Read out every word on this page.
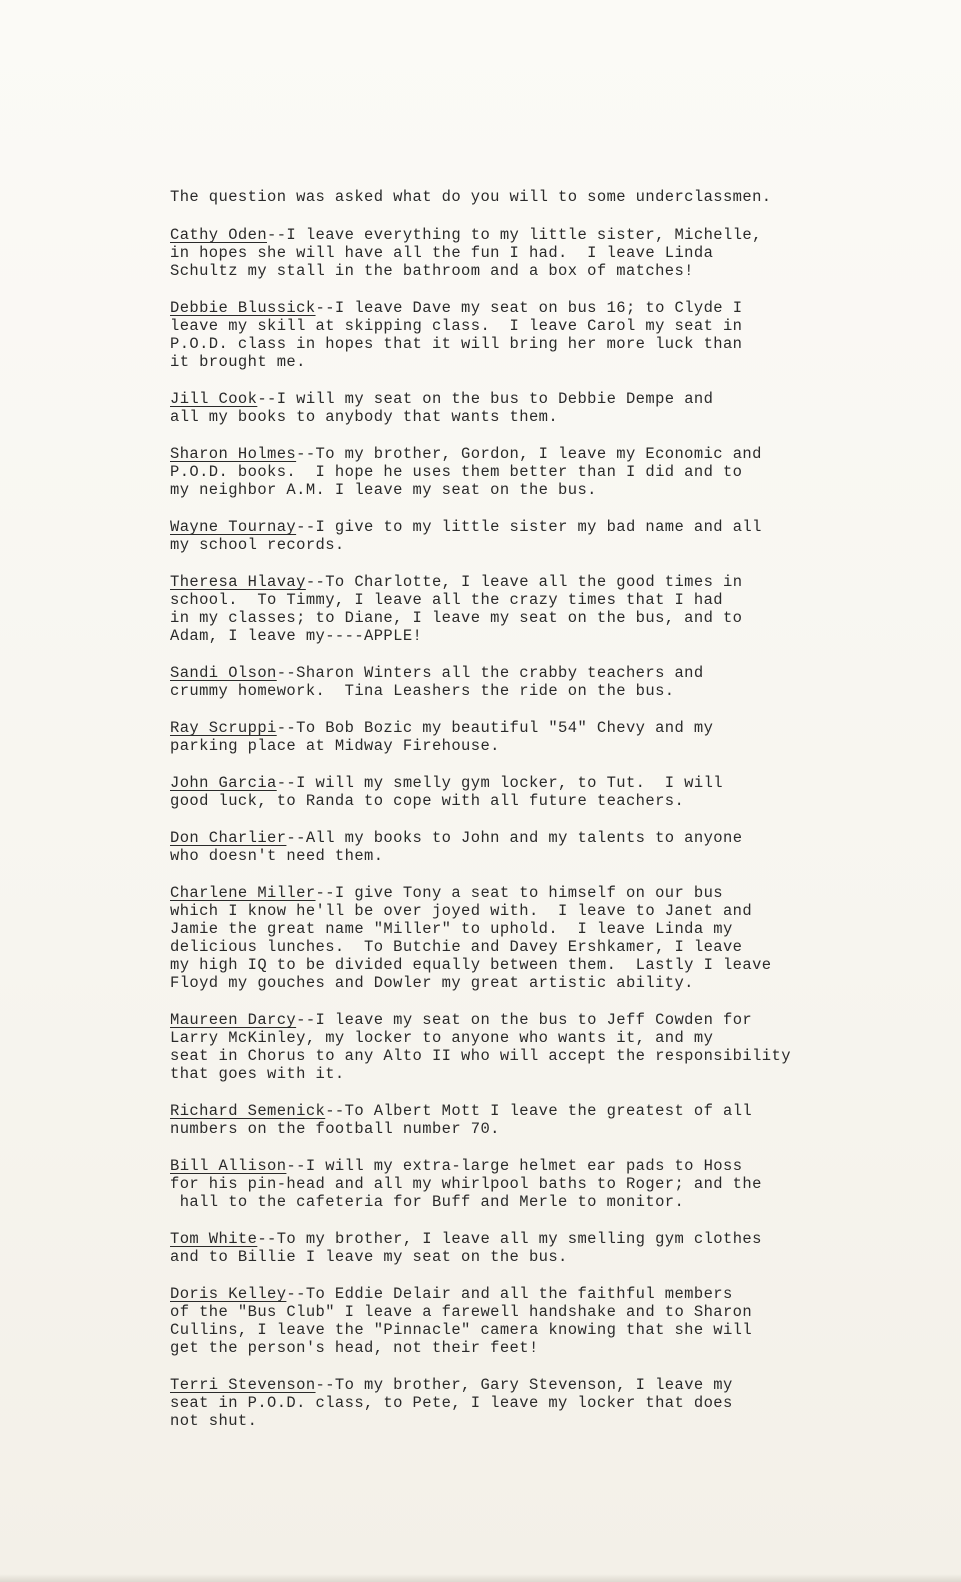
The question was asked what do you will to some underclassmen.

Cathy Oden--I leave everything to my little sister, Michelle,

in hopes she will have all the fun I had.  I leave Linda

Schultz my stall in the bathroom and a box of matches!

Debbie Blussick--I leave Dave my seat on bus 16; to Clyde I

leave my skill at skipping class.  I leave Carol my seat in

P.O.D. class in hopes that it will bring her more luck than

it brought me.

Jill Cook--I will my seat on the bus to Debbie Dempe and

all my books to anybody that wants them.

Sharon Holmes--To my brother, Gordon, I leave my Economic and

P.O.D. books.  I hope he uses them better than I did and to

my neighbor A.M. I leave my seat on the bus.

Wayne Tournay--I give to my little sister my bad name and all

my school records.

Theresa Hlavay--To Charlotte, I leave all the good times in

school.  To Timmy, I leave all the crazy times that I had

in my classes; to Diane, I leave my seat on the bus, and to

Adam, I leave my----APPLE!

Sandi Olson--Sharon Winters all the crabby teachers and

crummy homework.  Tina Leashers the ride on the bus.

Ray Scruppi--To Bob Bozic my beautiful "54" Chevy and my

parking place at Midway Firehouse.

John Garcia--I will my smelly gym locker, to Tut.  I will

good luck, to Randa to cope with all future teachers.

Don Charlier--All my books to John and my talents to anyone

who doesn't need them.

Charlene Miller--I give Tony a seat to himself on our bus

which I know he'll be over joyed with.  I leave to Janet and

Jamie the great name "Miller" to uphold.  I leave Linda my

delicious lunches.  To Butchie and Davey Ershkamer, I leave

my high IQ to be divided equally between them.  Lastly I leave

Floyd my gouches and Dowler my great artistic ability.

Maureen Darcy--I leave my seat on the bus to Jeff Cowden for

Larry McKinley, my locker to anyone who wants it, and my

seat in Chorus to any Alto II who will accept the responsibility

that goes with it.

Richard Semenick--To Albert Mott I leave the greatest of all

numbers on the football number 70.

Bill Allison--I will my extra-large helmet ear pads to Hoss

for his pin-head and all my whirlpool baths to Roger; and the

hall to the cafeteria for Buff and Merle to monitor.

Tom White--To my brother, I leave all my smelling gym clothes

and to Billie I leave my seat on the bus.

Doris Kelley--To Eddie Delair and all the faithful members

of the "Bus Club" I leave a farewell handshake and to Sharon

Cullins, I leave the "Pinnacle" camera knowing that she will

get the person's head, not their feet!

Terri Stevenson--To my brother, Gary Stevenson, I leave my

seat in P.O.D. class, to Pete, I leave my locker that does

not shut.
